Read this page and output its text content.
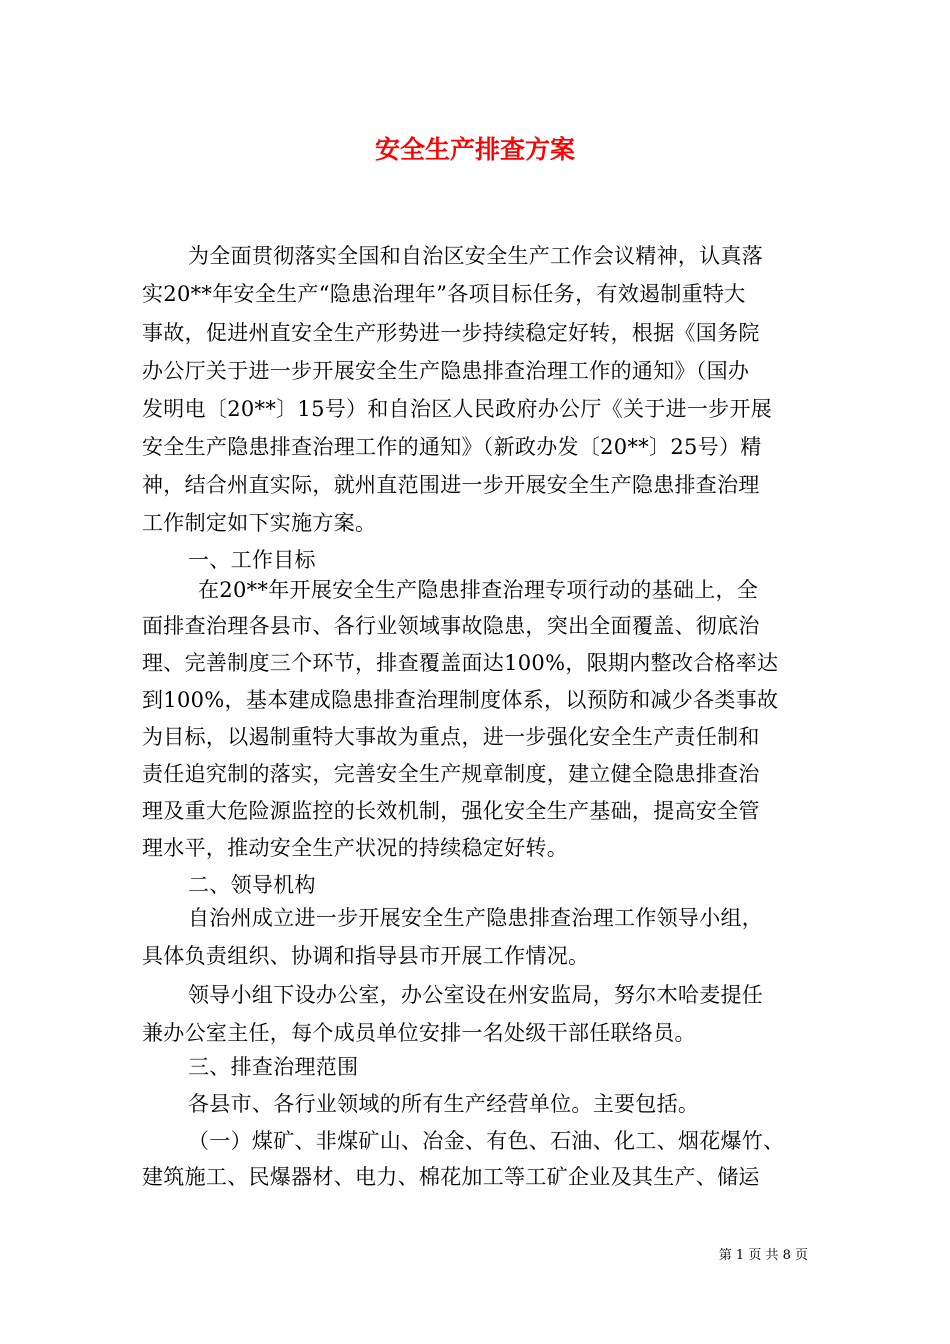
安全生产排查方案
为全面贯彻落实全国和自治区安全生产工作会议精神，认真落
实20**年安全生产“隐患治理年”各项目标任务，有效遏制重特大
事故，促进州直安全生产形势进一步持续稳定好转，根据《国务院
办公厅关于进一步开展安全生产隐患排查治理工作的通知》（国办
发明电〔20**〕15号）和自治区人民政府办公厅《关于进一步开展
安全生产隐患排查治理工作的通知》（新政办发〔20**〕25号）精
神，结合州直实际，就州直范围进一步开展安全生产隐患排查治理
工作制定如下实施方案。
一、工作目标
在20**年开展安全生产隐患排查治理专项行动的基础上，全
面排查治理各县市、各行业领域事故隐患，突出全面覆盖、彻底治
理、完善制度三个环节，排查覆盖面达100%，限期内整改合格率达
到100%，基本建成隐患排查治理制度体系，以预防和减少各类事故
为目标，以遏制重特大事故为重点，进一步强化安全生产责任制和
责任追究制的落实，完善安全生产规章制度，建立健全隐患排查治
理及重大危险源监控的长效机制，强化安全生产基础，提高安全管
理水平，推动安全生产状况的持续稳定好转。
二、领导机构
自治州成立进一步开展安全生产隐患排查治理工作领导小组，
具体负责组织、协调和指导县市开展工作情况。
领导小组下设办公室，办公室设在州安监局，努尔木哈麦提任
兼办公室主任，每个成员单位安排一名处级干部任联络员。
三、排查治理范围
各县市、各行业领域的所有生产经营单位。主要包括。
（一）煤矿、非煤矿山、冶金、有色、石油、化工、烟花爆竹、
建筑施工、民爆器材、电力、棉花加工等工矿企业及其生产、储运
第 1 页 共 8 页
